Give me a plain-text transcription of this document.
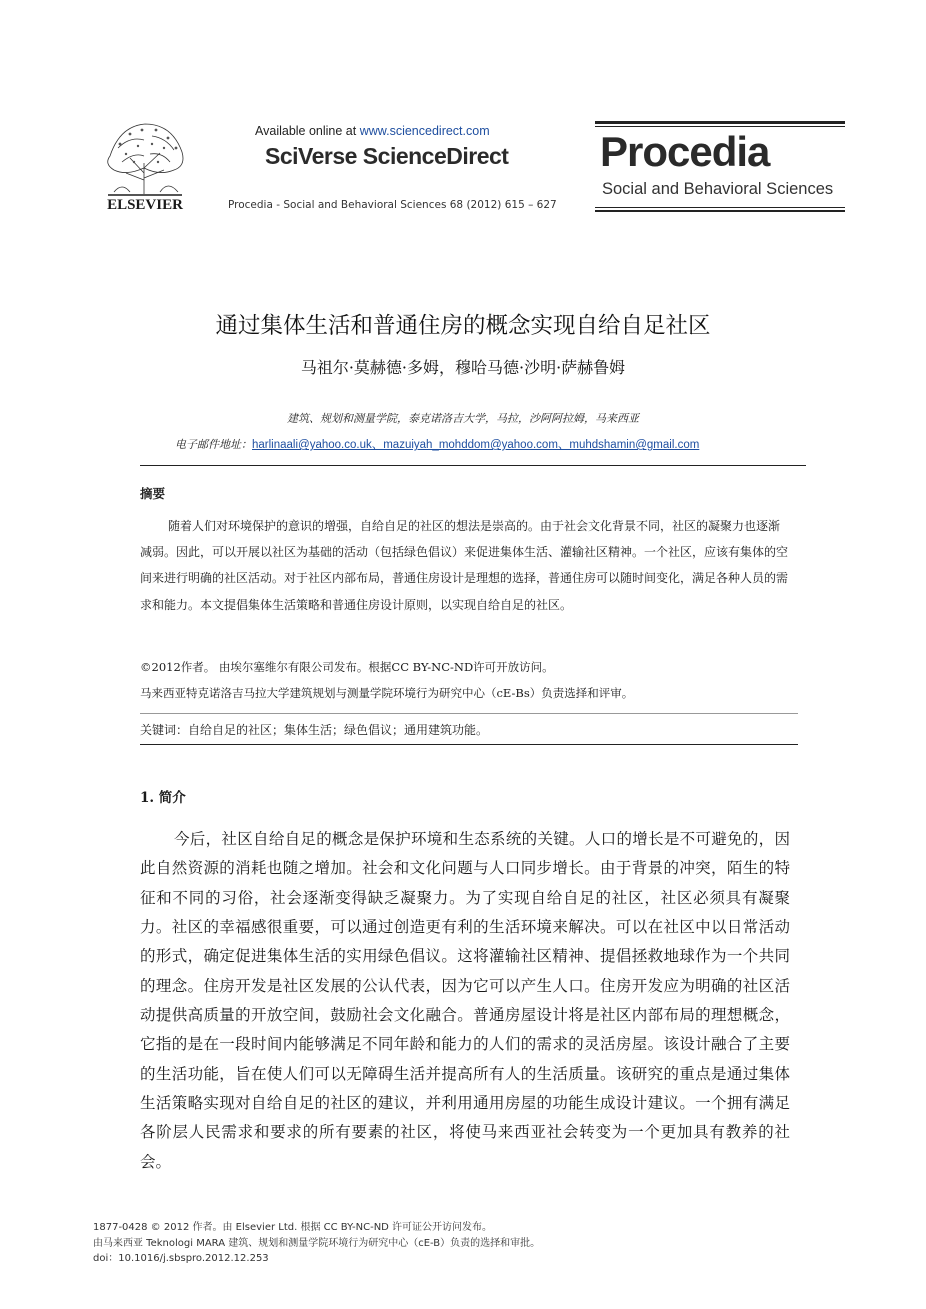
ELSEVIER
Available online at www.sciencedirect.com
SciVerse ScienceDirect
Procedia - Social and Behavioral Sciences 68 (2012) 615 – 627
Procedia
Social and Behavioral Sciences
通过集体生活和普通住房的概念实现自给自足社区
马祖尔·莫赫德·多姆，穆哈马德·沙明·萨赫鲁姆
建筑、规划和测量学院，泰克诺洛吉大学，马拉，沙阿阿拉姆，马来西亚
电子邮件地址：harlinaali@yahoo.co.uk、mazuiyah_mohddom@yahoo.com、muhdshamin@gmail.com
摘要

随着人们对环境保护的意识的增强，自给自足的社区的想法是崇高的。由于社会文化背景不同，社区的凝聚力也逐渐减弱。因此，可以开展以社区为基础的活动（包括绿色倡议）来促进集体生活、灌输社区精神。一个社区，应该有集体的空间来进行明确的社区活动。对于社区内部布局，普通住房设计是理想的选择，普通住房可以随时间变化，满足各种人员的需求和能力。本文提倡集体生活策略和普通住房设计原则，以实现自给自足的社区。

©2012作者。 由埃尔塞维尔有限公司发布。根据CC BY-NC-ND许可开放访问。
马来西亚特克诺洛吉马拉大学建筑规划与测量学院环境行为研究中心（cE-Bs）负责选择和评审。
关键词：自给自足的社区；集体生活；绿色倡议；通用建筑功能。
1. 简介

今后，社区自给自足的概念是保护环境和生态系统的关键。人口的增长是不可避免的，因此自然资源的消耗也随之增加。社会和文化问题与人口同步增长。由于背景的冲突，陌生的特征和不同的习俗，社会逐渐变得缺乏凝聚力。为了实现自给自足的社区，社区必须具有凝聚力。社区的幸福感很重要，可以通过创造更有利的生活环境来解决。可以在社区中以日常活动的形式，确定促进集体生活的实用绿色倡议。这将灌输社区精神、提倡拯救地球作为一个共同的理念。住房开发是社区发展的公认代表，因为它可以产生人口。住房开发应为明确的社区活动提供高质量的开放空间，鼓励社会文化融合。普通房屋设计将是社区内部布局的理想概念，它指的是在一段时间内能够满足不同年龄和能力的人们的需求的灵活房屋。该设计融合了主要的生活功能，旨在使人们可以无障碍生活并提高所有人的生活质量。该研究的重点是通过集体生活策略实现对自给自足的社区的建议，并利用通用房屋的功能生成设计建议。一个拥有满足各阶层人民需求和要求的所有要素的社区，将使马来西亚社会转变为一个更加具有教养的社会。

1877-0428 © 2012 作者。由 Elsevier Ltd. 根据 CC BY-NC-ND 许可证公开访问发布。
由马来西亚 Teknologi MARA 建筑、规划和测量学院环境行为研究中心（cE-B）负责的选择和审批。
doi：10.1016/j.sbspro.2012.12.253
